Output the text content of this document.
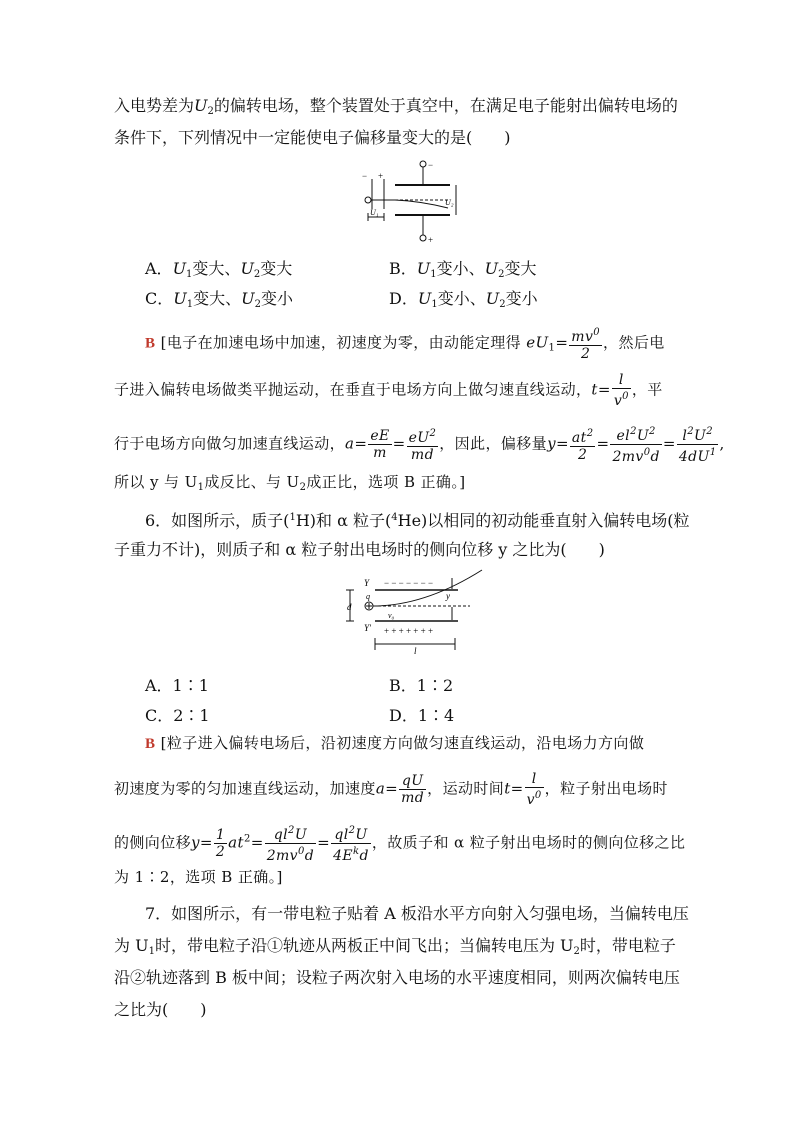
入电势差为$U_2$的偏转电场，整个装置处于真空中，在满足电子能射出偏转电场的
条件下，下列情况中一定能使电子偏移量变大的是(　　)
−
+
− +
U₁
U₂
A．$U_1$变大、$U_2$变大	B．$U_1$变小、$U_2$变大
C．$U_1$变大、$U_2$变小	D．$U_1$变小、$U_2$变小
B [电子在加速电场中加速，初速度为零，由动能定理得 $eU_1= \frac{mv^0}{2}$ ，然后电
子进入偏转电场做类平抛运动，在垂直于电场方向上做匀速直线运动，$t= \frac{l}{v^0}$ ，平
行于电场方向做匀加速直线运动，$a= \frac{eE}{m} = \frac{eU^2}{md}$ ，因此，偏移量$y= \frac{at^2}{2} = \frac{el^2U^2}{2mv^0d} = \frac{l^2U^2}{4dU^1}$ ,
所以 y 与 $U_1$成反比、与 $U_2$成正比，选项 B 正确。]
6．如图所示，质子($^1$H)和 α 粒子($^4$He)以相同的初动能垂直射入偏转电场(粒
子重力不计)，则质子和 α 粒子射出电场时的侧向位移 y 之比为(　　)
Y − − − − − − −
Y′ + + + + + + +
q
v₀
y
d
l
A．1∶1	B．1∶2
C．2∶1	D．1∶4
B [粒子进入偏转电场后，沿初速度方向做匀速直线运动，沿电场力方向做
初速度为零的匀加速直线运动，加速度$a= \frac{qU}{md}$ ，运动时间$t= \frac{l}{v^0}$ ，粒子射出电场时
的侧向位移$y= \frac{1}{2} at^2= \frac{ql^2U}{2mv^0d} = \frac{ql^2U}{4E^kd}$ ，故质子和 α 粒子射出电场时的侧向位移之比
为 1∶2，选项 B 正确。]
7．如图所示，有一带电粒子贴着 A 板沿水平方向射入匀强电场，当偏转电压
为 $U_1$时，带电粒子沿①轨迹从两板正中间飞出；当偏转电压为 $U_2$时，带电粒子
沿②轨迹落到 B 板中间；设粒子两次射入电场的水平速度相同，则两次偏转电压
之比为(　　)
